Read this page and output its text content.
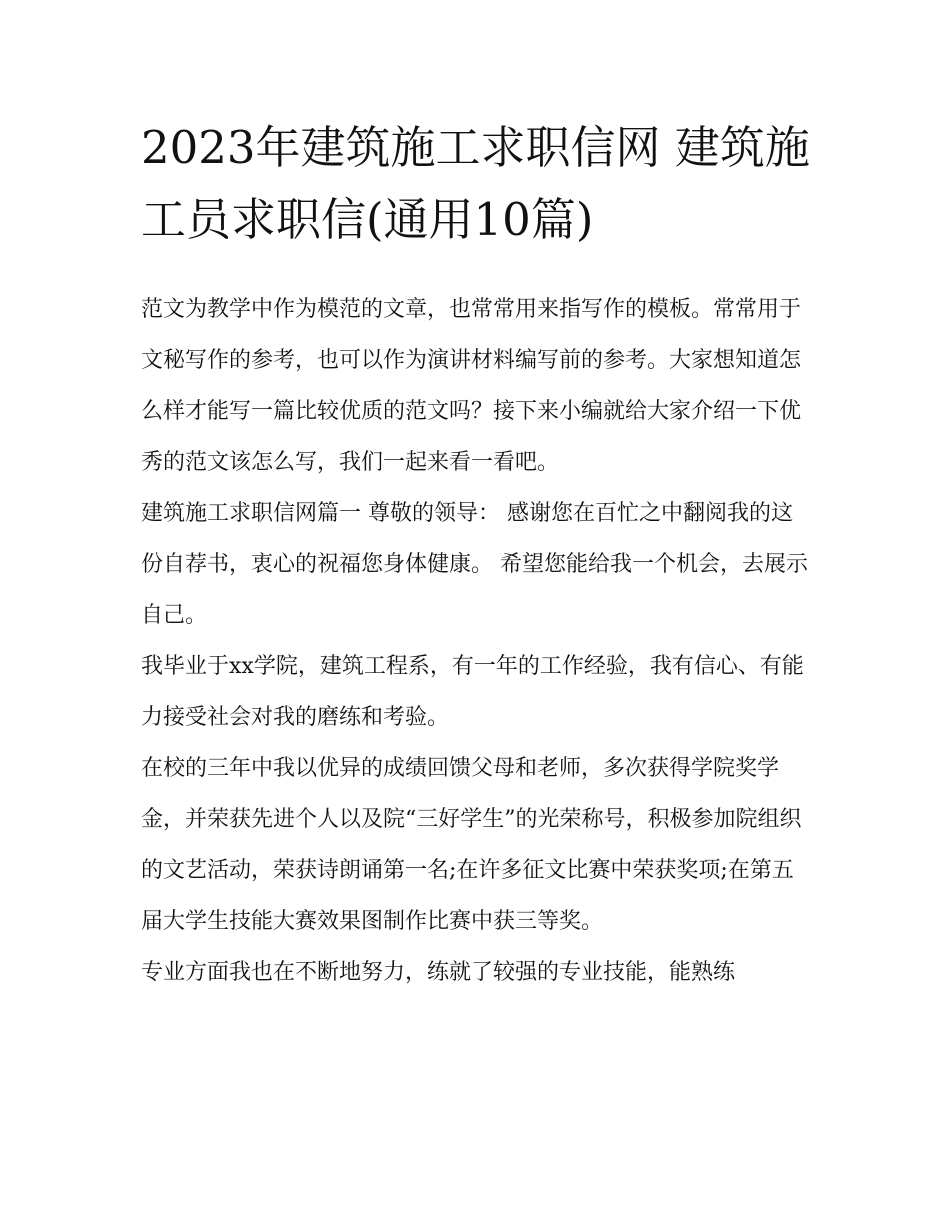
2023年建筑施工求职信网 建筑施工员求职信(通用10篇)

范文为教学中作为模范的文章，也常常用来指写作的模板。常常用于文秘写作的参考，也可以作为演讲材料编写前的参考。大家想知道怎么样才能写一篇比较优质的范文吗？接下来小编就给大家介绍一下优秀的范文该怎么写，我们一起来看一看吧。

建筑施工求职信网篇一 尊敬的领导： 感谢您在百忙之中翻阅我的这份自荐书，衷心的祝福您身体健康。 希望您能给我一个机会，去展示自己。

我毕业于xx学院，建筑工程系，有一年的工作经验，我有信心、有能力接受社会对我的磨练和考验。

在校的三年中我以优异的成绩回馈父母和老师，多次获得学院奖学金，并荣获先进个人以及院“三好学生”的光荣称号，积极参加院组织的文艺活动，荣获诗朗诵第一名;在许多征文比赛中荣获奖项;在第五届大学生技能大赛效果图制作比赛中获三等奖。

专业方面我也在不断地努力，练就了较强的专业技能，能熟练
